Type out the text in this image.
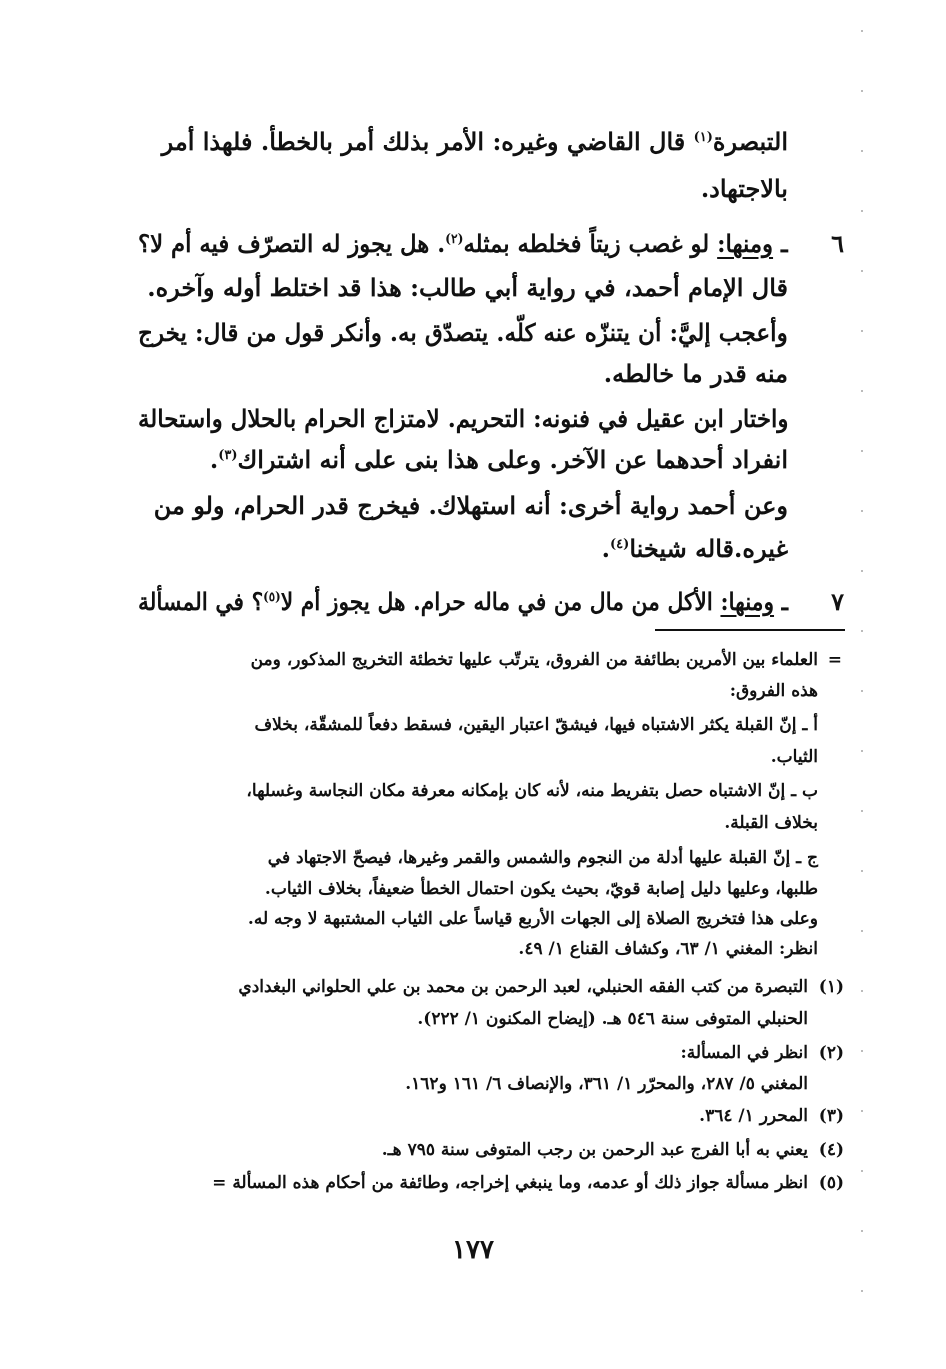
التبصرة$^{(١)}$ قال القاضي وغيره: الأمر بذلك أمر بالخطأ. فلهذا أمر

بالاجتهاد.

٦

ـ ومنها: لو غصب زيتاً فخلطه بمثله$^{(٢)}$. هل يجوز له التصرّف فيه أم لا؟

قال الإمام أحمد، في رواية أبي طالب: هذا قد اختلط أوله وآخره.

وأعجب إليَّ: أن يتنزّه عنه كلّه. يتصدّق به. وأنكر قول من قال: يخرج

منه قدر ما خالطه.

واختار ابن عقيل في فنونه: التحريم. لامتزاج الحرام بالحلال واستحالة

انفراد أحدهما عن الآخر. وعلى هذا بنى على أنه اشتراك$^{(٣)}$.

وعن أحمد رواية أخرى: أنه استهلاك. فيخرج قدر الحرام، ولو من

غيره.قاله شيخنا$^{(٤)}$.

٧

ـ ومنها: الأكل من مال من في ماله حرام. هل يجوز أم لا$^{(٥)}$؟ في المسألة

=

العلماء بين الأمرين بطائفة من الفروق، يترتّب عليها تخطئة التخريج المذكور، ومن

هذه الفروق:

أ ـ إنّ القبلة يكثر الاشتباه فيها، فيشقّ اعتبار اليقين، فسقط دفعاً للمشقّة، بخلاف

الثياب.

ب ـ إنّ الاشتباه حصل بتفريط منه، لأنه كان بإمكانه معرفة مكان النجاسة وغسلها،

بخلاف القبلة.

ج ـ إنّ القبلة عليها أدلة من النجوم والشمس والقمر وغيرها، فيصحّ الاجتهاد في

طلبها، وعليها دليل إصابة قويّ، بحيث يكون احتمال الخطأ ضعيفاً، بخلاف الثياب.

وعلى هذا فتخريج الصلاة إلى الجهات الأربع قياساً على الثياب المشتبهة لا وجه له.

انظر: المغني ١/ ٦٣، وكشاف القناع ١/ ٤٩.

(١)

التبصرة من كتب الفقه الحنبلي، لعبد الرحمن بن محمد بن علي الحلواني البغدادي

الحنبلي المتوفى سنة ٥٤٦ هـ. (إيضاح المكنون ١/ ٢٢٢).

(٢)

انظر في المسألة:

المغني ٥/ ٢٨٧، والمحرّر ١/ ٣٦١، والإنصاف ٦/ ١٦١ و١٦٢.

(٣)

المحرر ١/ ٣٦٤.

(٤)

يعني به أبا الفرج عبد الرحمن بن رجب المتوفى سنة ٧٩٥ هـ.

(٥)

انظر مسألة جواز ذلك أو عدمه، وما ينبغي إخراجه، وطائفة من أحكام هذه المسألة =

١٧٧
